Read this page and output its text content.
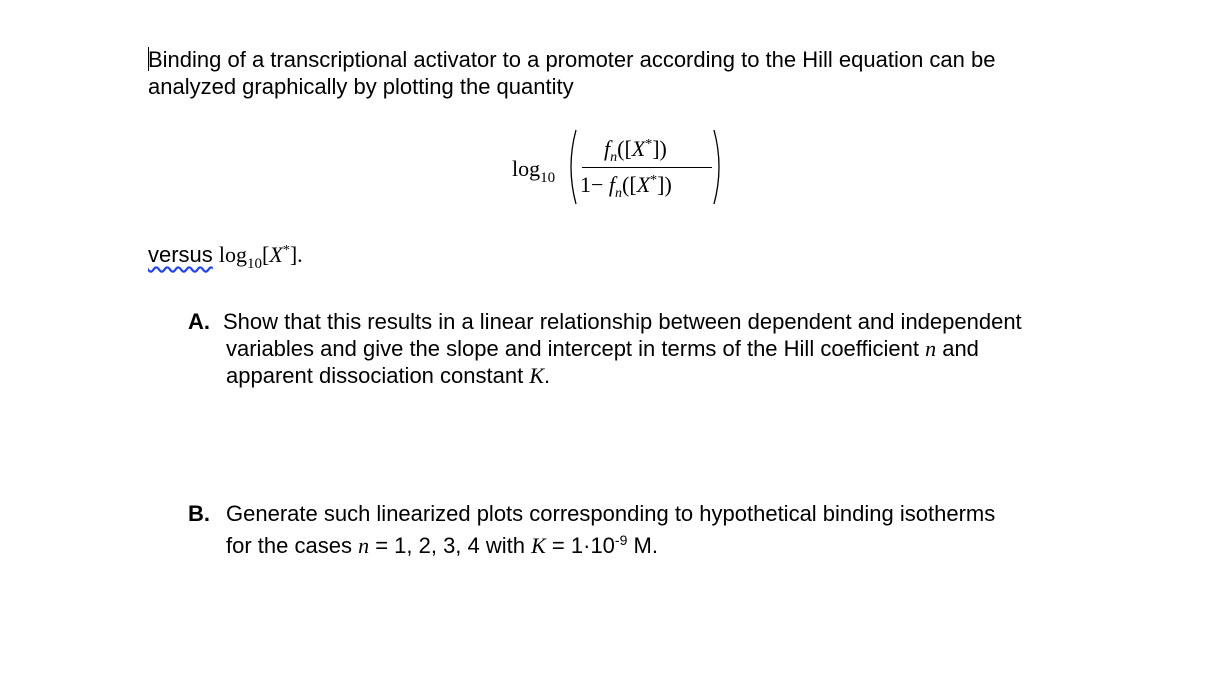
Binding of a transcriptional activator to a promoter according to the Hill equation can be analyzed graphically by plotting the quantity

$\log_{10}$
$f_n([X^*])$
$1- f_n([X^*])$
versus $\log_{10}[X^*]$.
A. Show that this results in a linear relationship between dependent and independent
variables and give the slope and intercept in terms of the Hill coefficient n and
apparent dissociation constant K.
B. Generate such linearized plots corresponding to hypothetical binding isotherms
for the cases n = 1, 2, 3, 4 with $K = 1\cdot 10^{-9}$ M.
